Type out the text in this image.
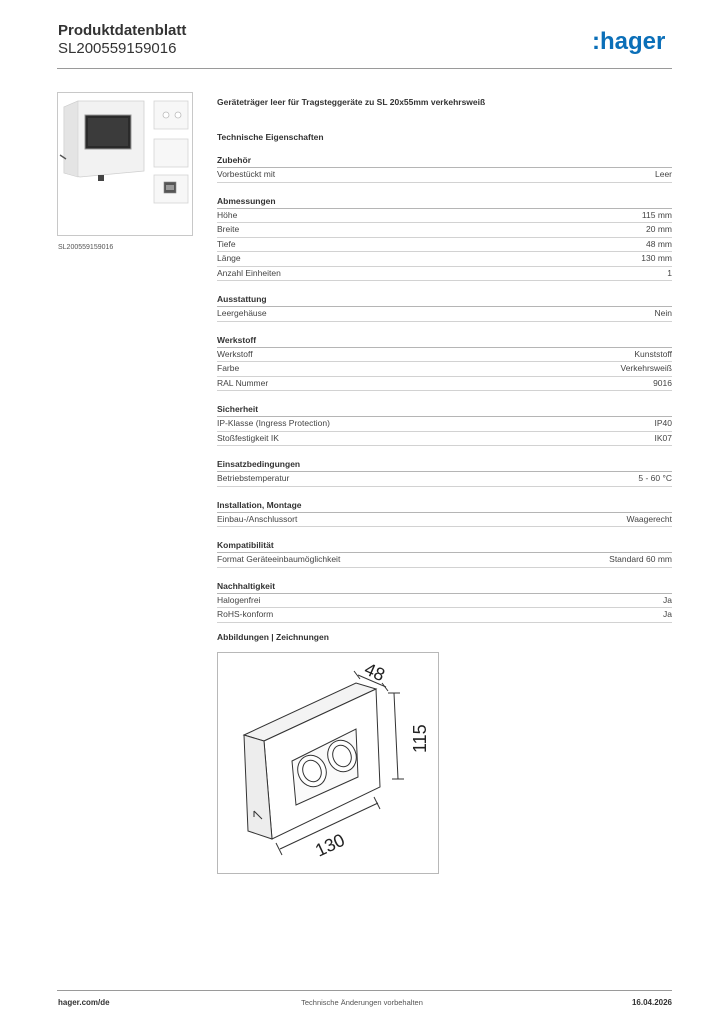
Produktdatenblatt
SL200559159016	:hager
SL200559159016
Geräteträger leer für Tragsteggeräte zu SL 20x55mm verkehrsweiß
Technische Eigenschaften
Zubehör
Vorbestückt mit	Leer
Abmessungen
Höhe	115 mm
Breite	20 mm
Tiefe	48 mm
Länge	130 mm
Anzahl Einheiten	1
Ausstattung
Leergehäuse	Nein
Werkstoff
Werkstoff	Kunststoff
Farbe	Verkehrsweiß
RAL Nummer	9016
Sicherheit
IP-Klasse (Ingress Protection)	IP40
Stoßfestigkeit IK	IK07
Einsatzbedingungen
Betriebstemperatur	5 - 60 °C
Installation, Montage
Einbau-/Anschlussort	Waagerecht
Kompatibilität
Format Geräteeinbaumöglichkeit	Standard 60 mm
Nachhaltigkeit
Halogenfrei	Ja
RoHS-konform	Ja
Abbildungen | Zeichnungen
48
115
130
hager.com/de	Technische Änderungen vorbehalten	16.04.2026
